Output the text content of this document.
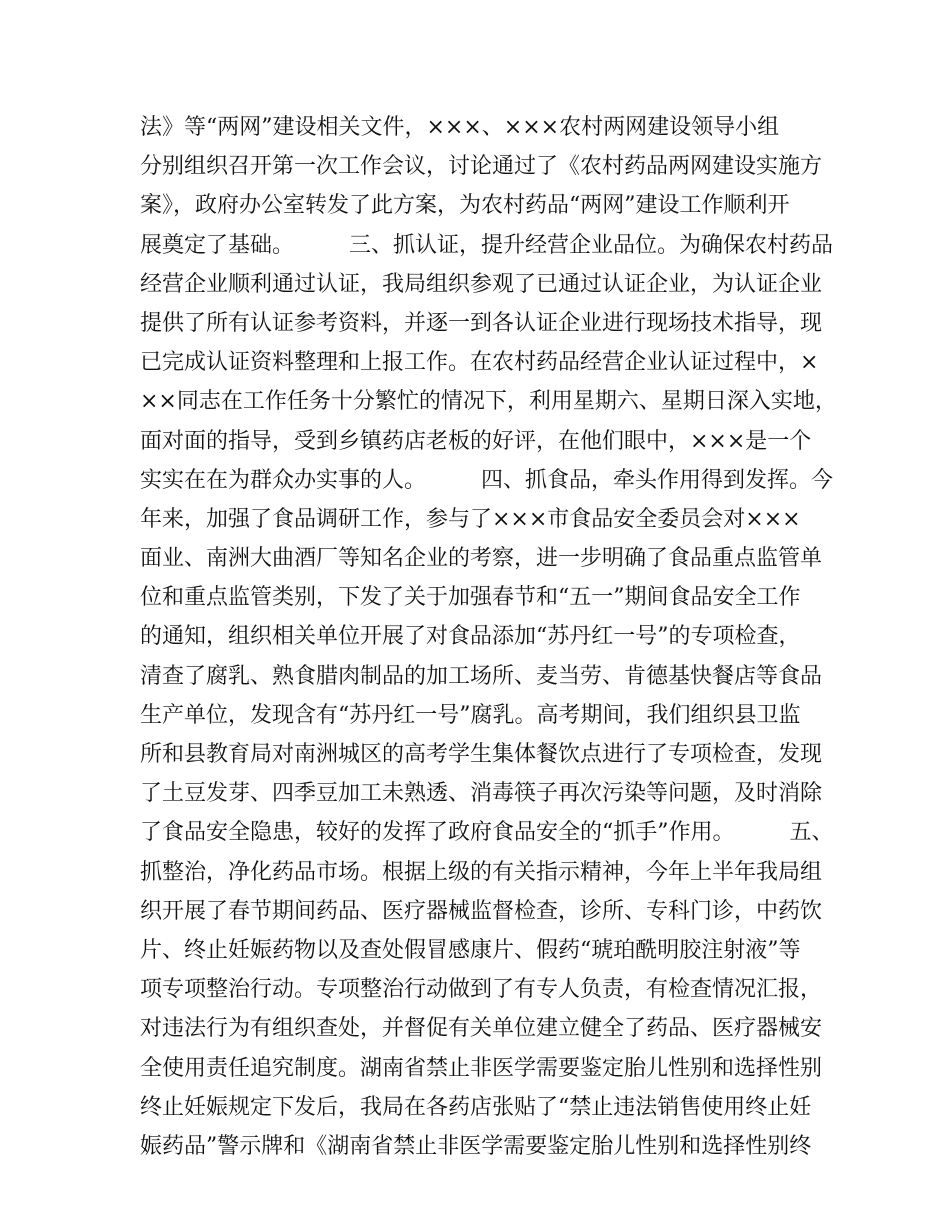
法》等“两网”建设相关文件，×××、×××农村两网建设领导小组
分别组织召开第一次工作会议，讨论通过了《农村药品两网建设实施方
案》，政府办公室转发了此方案，为农村药品“两网”建设工作顺利开
展奠定了基础。　　　三、抓认证，提升经营企业品位。为确保农村药品
经营企业顺利通过认证，我局组织参观了已通过认证企业，为认证企业
提供了所有认证参考资料，并逐一到各认证企业进行现场技术指导，现
已完成认证资料整理和上报工作。在农村药品经营企业认证过程中，×
××同志在工作任务十分繁忙的情况下，利用星期六、星期日深入实地，
面对面的指导，受到乡镇药店老板的好评，在他们眼中，×××是一个
实实在在为群众办实事的人。　　　四、抓食品，牵头作用得到发挥。今
年来，加强了食品调研工作，参与了×××市食品安全委员会对×××
面业、南洲大曲酒厂等知名企业的考察，进一步明确了食品重点监管单
位和重点监管类别，下发了关于加强春节和“五一”期间食品安全工作
的通知，组织相关单位开展了对食品添加“苏丹红一号”的专项检查，
清查了腐乳、熟食腊肉制品的加工场所、麦当劳、肯德基快餐店等食品
生产单位，发现含有“苏丹红一号”腐乳。高考期间，我们组织县卫监
所和县教育局对南洲城区的高考学生集体餐饮点进行了专项检查，发现
了土豆发芽、四季豆加工未熟透、消毒筷子再次污染等问题，及时消除
了食品安全隐患，较好的发挥了政府食品安全的“抓手”作用。　　　五、
抓整治，净化药品市场。根据上级的有关指示精神，今年上半年我局组
织开展了春节期间药品、医疗器械监督检查，诊所、专科门诊，中药饮
片、终止妊娠药物以及查处假冒感康片、假药“琥珀酰明胶注射液”等
项专项整治行动。专项整治行动做到了有专人负责，有检查情况汇报，
对违法行为有组织查处，并督促有关单位建立健全了药品、医疗器械安
全使用责任追究制度。湖南省禁止非医学需要鉴定胎儿性别和选择性别
终止妊娠规定下发后，我局在各药店张贴了“禁止违法销售使用终止妊
娠药品”警示牌和《湖南省禁止非医学需要鉴定胎儿性别和选择性别终
